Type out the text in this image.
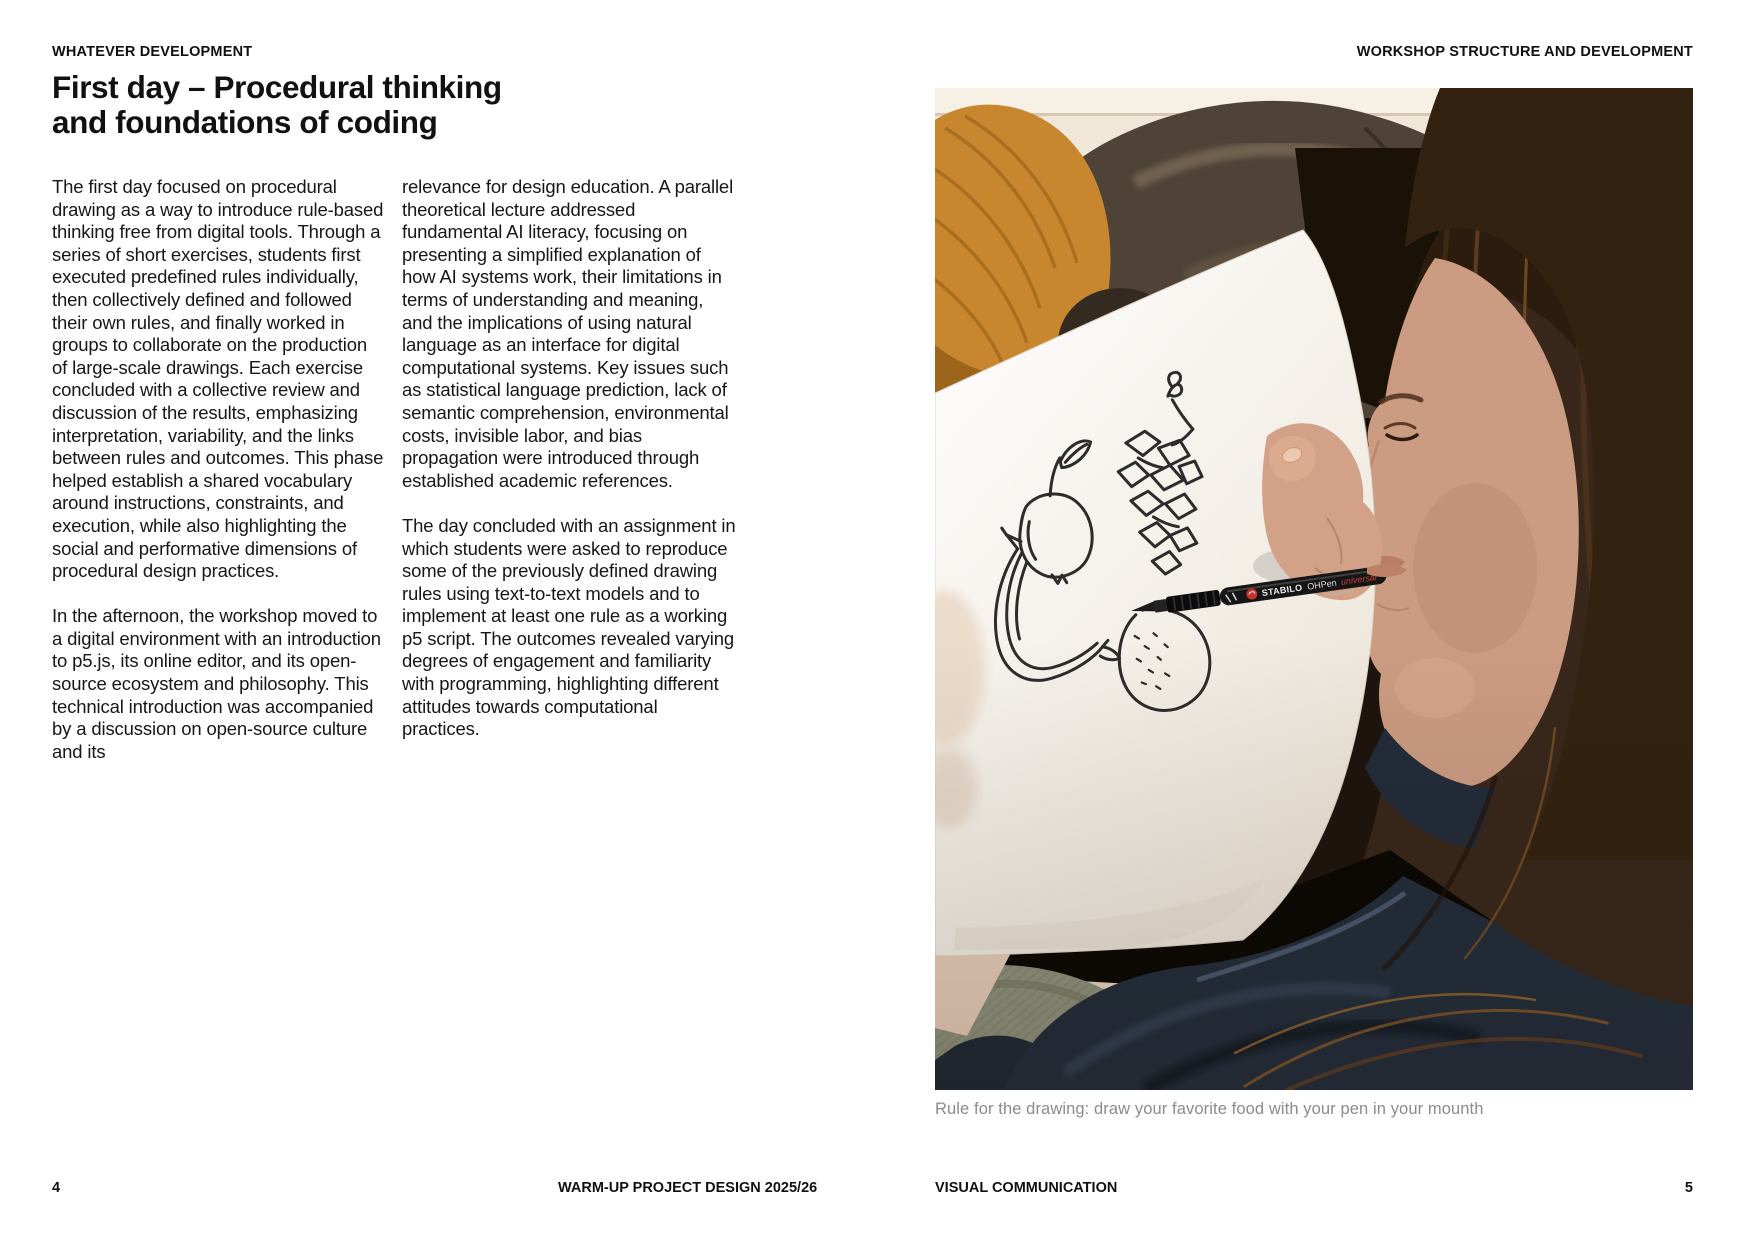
WHATEVER DEVELOPMENT	WORKSHOP STRUCTURE AND DEVELOPMENT
First day – Procedural thinking
and foundations of coding

The first day focused on procedural drawing as a way to introduce rule-based thinking free from digital tools. Through a series of short exercises, students first executed predefined rules individually, then collectively defined and followed their own rules, and finally worked in groups to collaborate on the production of large-scale drawings. Each exercise concluded with a collective review and discussion of the results, emphasizing interpretation, variability, and the links between rules and outcomes. This phase helped establish a shared vocabulary around instructions, constraints, and execution, while also highlighting the social and performative dimensions of procedural design practices.

In the afternoon, the workshop moved to a digital environment with an introduction to p5.js, its online editor, and its open-source ecosystem and philosophy. This technical introduction was accompanied by a discussion on open-source culture and its

relevance for design education. A parallel theoretical lecture addressed fundamental AI literacy, focusing on presenting a simplified explanation of how AI systems work, their limitations in terms of understanding and meaning, and the implications of using natural language as an interface for digital computational systems. Key issues such as statistical language prediction, lack of semantic comprehension, environmental costs, invisible labor, and bias propagation were introduced through established academic references.

The day concluded with an assignment in which students were asked to reproduce some of the previously defined drawing rules using text-to-text models and to implement at least one rule as a working p5 script. The outcomes revealed varying degrees of engagement and familiarity with programming, highlighting different attitudes towards computational practices.

Rule for the drawing: draw your favorite food with your pen in your mounth
4	WARM-UP PROJECT DESIGN 2025/26	VISUAL COMMUNICATION	5
